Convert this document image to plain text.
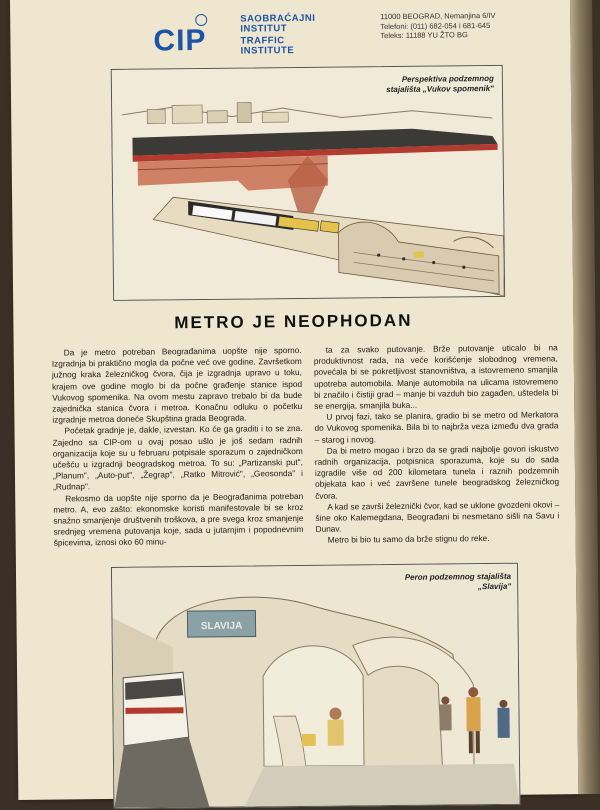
CIP
SAOBRAĆAJNI
INSTITUT
TRAFFIC
INSTITUTE
11000 BEOGRAD, Nemanjina 6/IV
Telefoni: (011) 682-054 i 681-645
Teleks: 11188 YU ŽTO BG
Perspektiva podzemnog stajališta „Vukov spomenik"
METRO JE NEOPHODAN

Da je metro potreban Beograđanima uopšte nije sporno. Izgradnja bi praktično mogla da počne već ove godine. Završetkom južnog kraka železničkog čvora, čija je izgradnja upravo u toku, krajem ove godine moglo bi da počne građenje stanice ispod Vukovog spomenika. Na ovom mestu zapravo trebalo bi da bude zajednička stanica čvora i metroa. Konačnu odluku o početku izgradnje metroa doneće Skupština grada Beograda.

Početak gradnje je, dakle, izvestan. Ko će ga graditi i to se zna. Zajedno sa CIP-om u ovaj posao ušlo je još sedam radnih organizacija koje su u februaru potpisale sporazum o zajedničkom učešću u izgradnji beogradskog metroa. To su: „Partizanski put", „Planum", „Auto-put", „Žegrap", „Ratko Mitrović", „Geosonda" i „Rudnap".

Rekosmo da uopšte nije sporno da je Beograđanima potreban metro. A, evo zašto: ekonomske koristi manifestovale bi se kroz snažno smanjenje društvenih troškova, a pre svega kroz smanjenje srednjeg vremena putovanja koje, sada u jutarnjim i popodnevnim špicevima, iznosi oko 60 minu-

ta za svako putovanje. Brže putovanje uticalo bi na produktivnost rada, na veće korišćenje slobodnog vremena, povećala bi se pokretljivost stanovništva, a istovremeno smanjila upotreba automobila. Manje automobila na ulicama istovremeno bi značilo i čistiji grad – manje bi vazduh bio zagađen, uštedela bi se energija, smanjila buka...

U prvoj fazi, tako se planira, gradio bi se metro od Merkatora do Vukovog spomenika. Bila bi to najbrža veza između dva grada – starog i novog.

Da bi metro mogao i brzo da se gradi najbolje govori iskustvo radnih organizacija, potpisnica sporazuma, koje su do sada izgradile više od 200 kilometara tunela i raznih podzemnih objekata kao i već završene tunele beogradskog železničkog čvora.

A kad se završi železnički čvor, kad se uklone gvozdeni okovi – šine oko Kalemegdana, Beograđani bi nesmetano sišli na Savu i Dunav.

Metro bi bio tu samo da brže stignu do reke.

SLAVIJA
Peron podzemnog stajališta „Slavija"
